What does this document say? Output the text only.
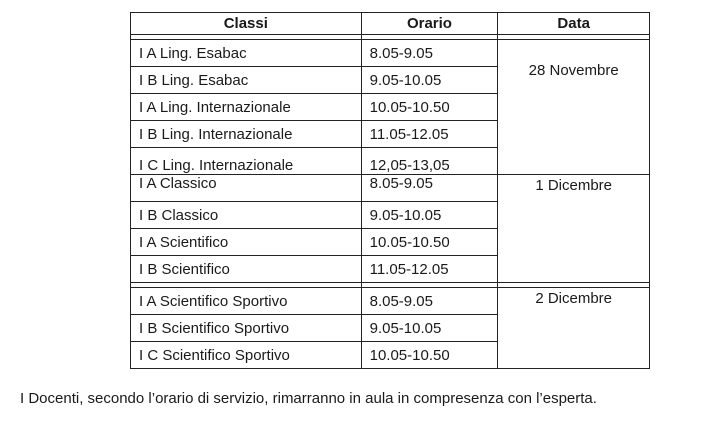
Classi	Orario	Data

I A Ling. Esabac	8.05-9.05	28 Novembre
I B Ling. Esabac	9.05-10.05	
I A Ling. Internazionale	10.05-10.50	
I B Ling. Internazionale	11.05-12.05	
I C Ling. Internazionale	12,05-13,05	
I A Classico	8.05-9.05	1 Dicembre
I B Classico	9.05-10.05	
I A Scientifico	10.05-10.50	
I B Scientifico	11.05-12.05	

I A Scientifico Sportivo	8.05-9.05	2 Dicembre
I B Scientifico Sportivo	9.05-10.05	
I C Scientifico Sportivo	10.05-10.50	
I Docenti, secondo l’orario di servizio, rimarranno in aula in compresenza con l’esperta.
